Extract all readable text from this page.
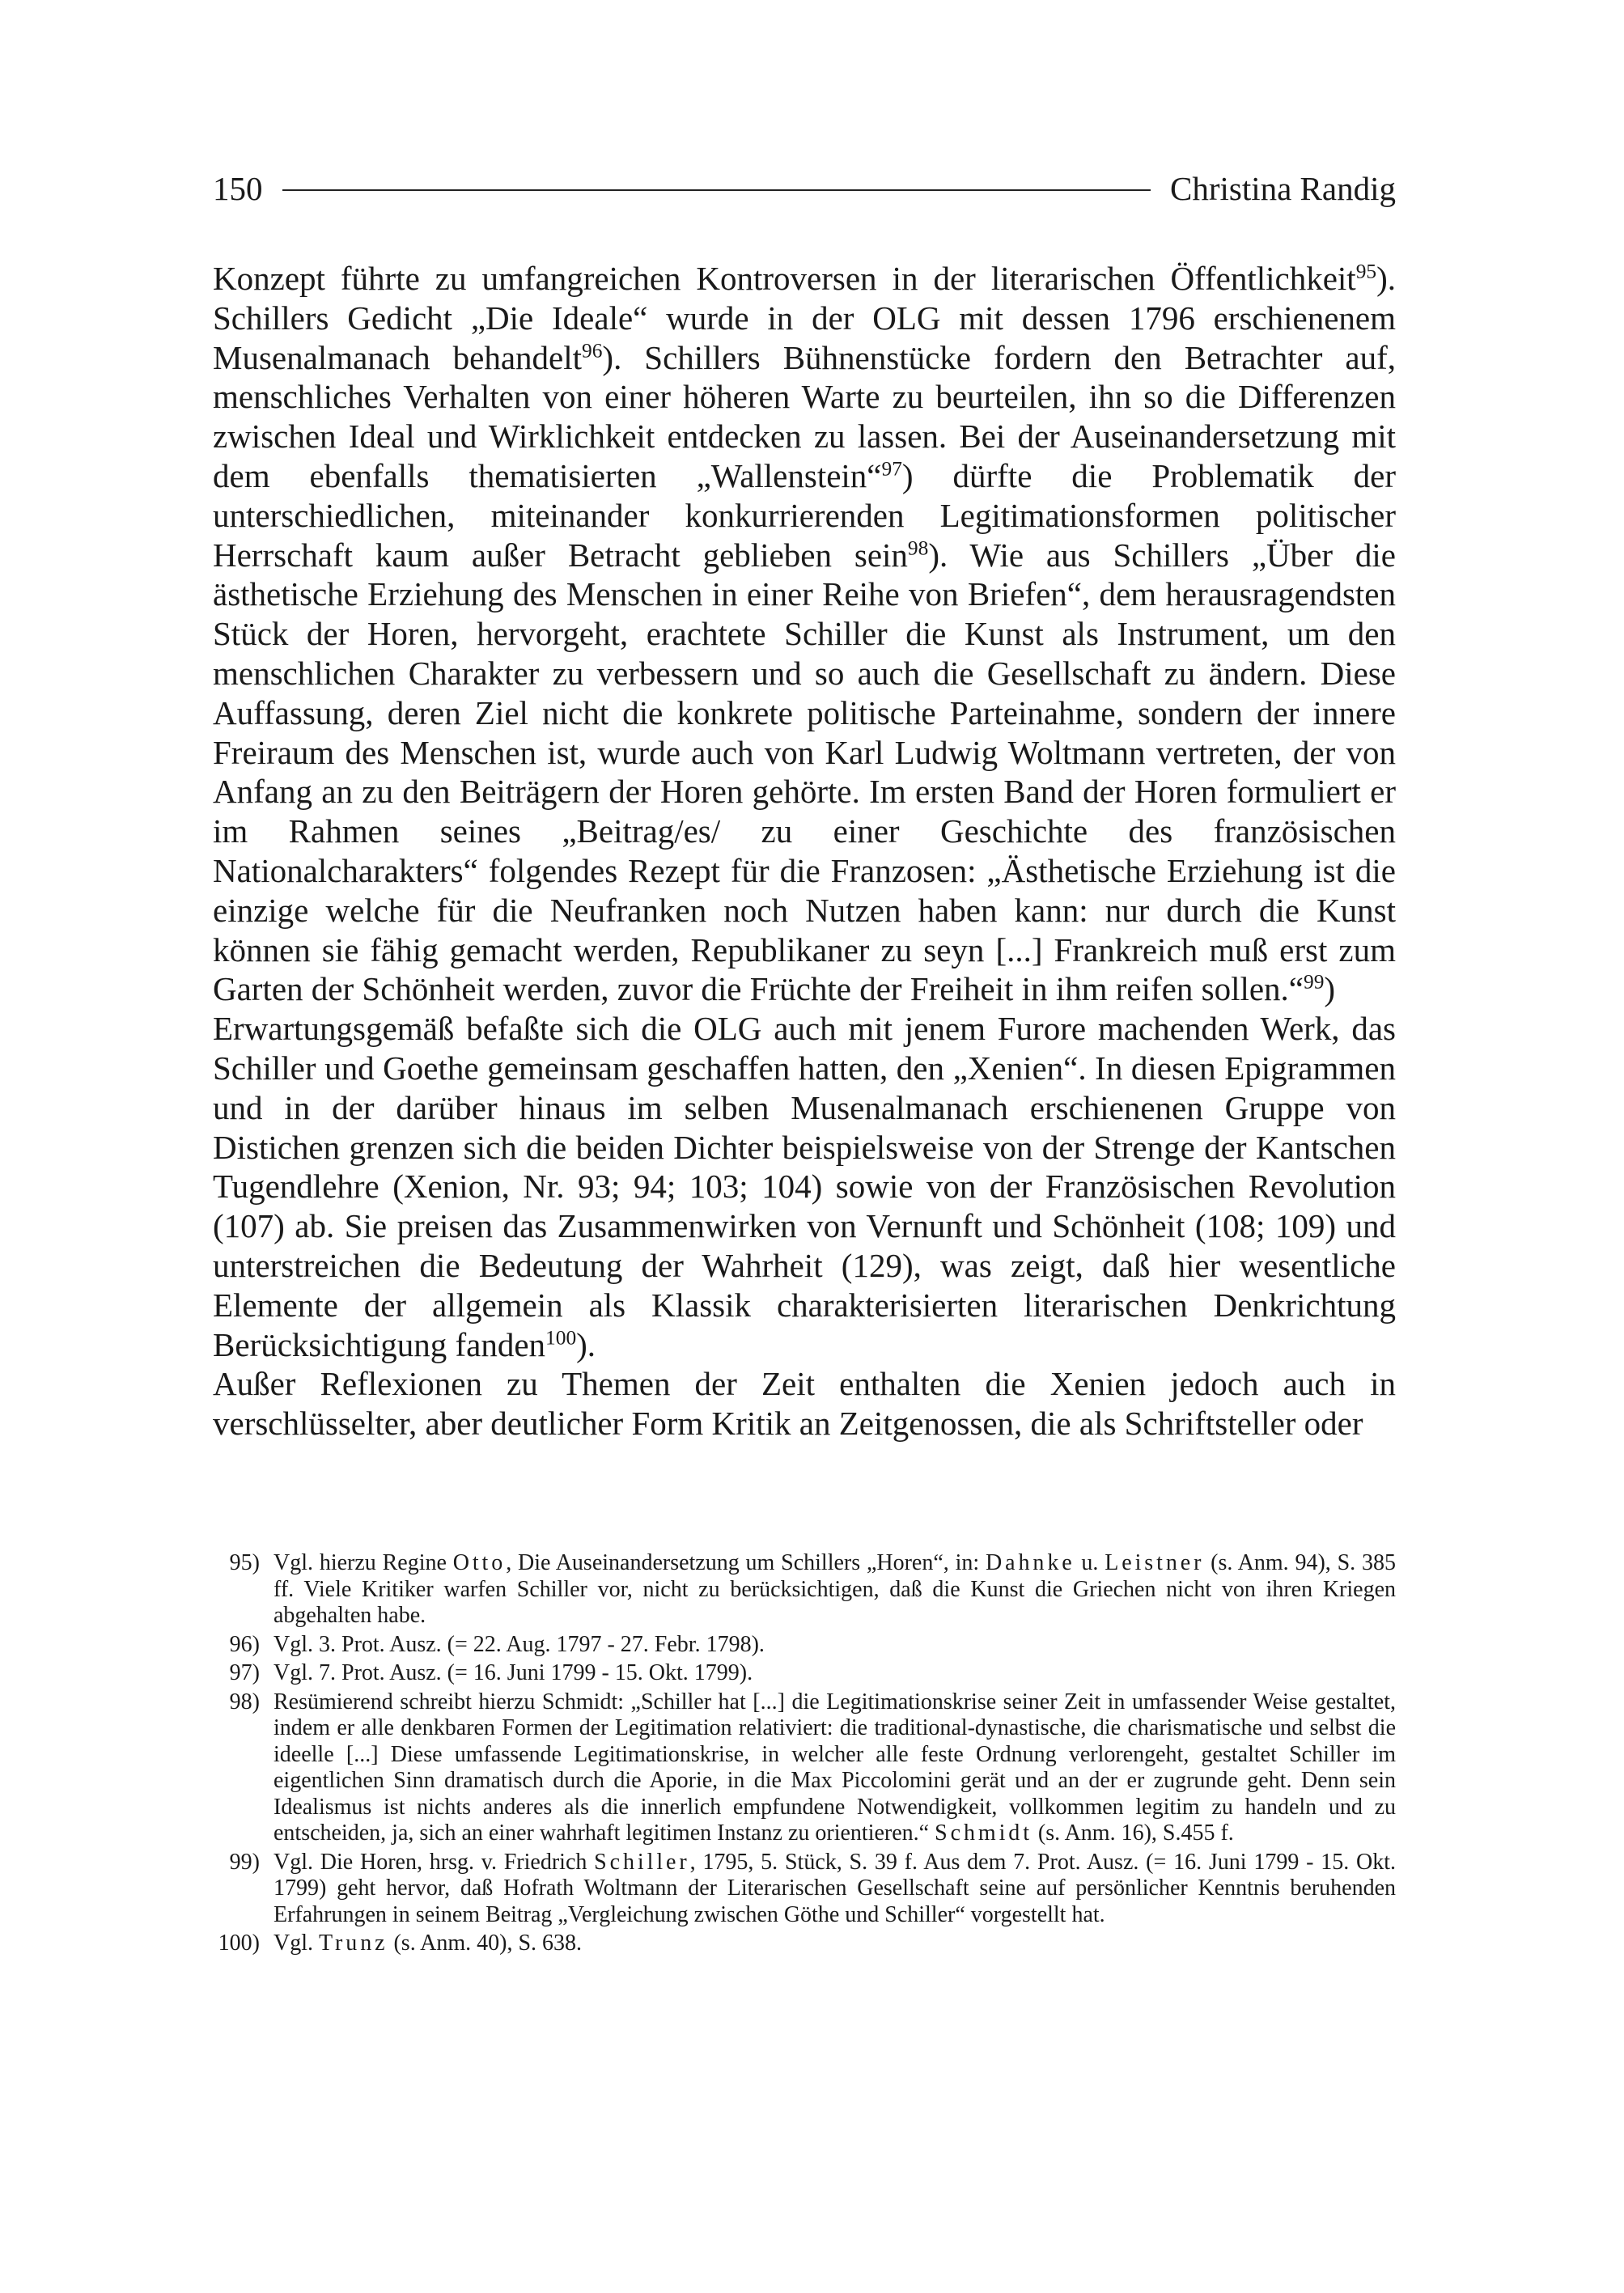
150	Christina Randig

Konzept führte zu umfangreichen Kontroversen in der literarischen Öffentlichkeit$^{95}$). Schillers Gedicht „Die Ideale“ wurde in der OLG mit dessen 1796 erschienenem Musenalmanach behandelt$^{96}$). Schillers Bühnenstücke fordern den Betrachter auf, menschliches Verhalten von einer höheren Warte zu beurteilen, ihn so die Differenzen zwischen Ideal und Wirklichkeit entdecken zu lassen. Bei der Auseinandersetzung mit dem ebenfalls thematisierten „Wallenstein“$^{97}$) dürfte die Problematik der unterschiedlichen, miteinander konkurrierenden Legitimationsformen politischer Herrschaft kaum außer Betracht geblieben sein$^{98}$). Wie aus Schillers „Über die ästhetische Erziehung des Menschen in einer Reihe von Briefen“, dem herausragendsten Stück der Horen, hervorgeht, erachtete Schiller die Kunst als Instrument, um den menschlichen Charakter zu verbessern und so auch die Gesellschaft zu ändern. Diese Auffassung, deren Ziel nicht die konkrete politische Parteinahme, sondern der innere Freiraum des Menschen ist, wurde auch von Karl Ludwig Woltmann vertreten, der von Anfang an zu den Beiträgern der Horen gehörte. Im ersten Band der Horen formuliert er im Rahmen seines „Beitrag/es/ zu einer Geschichte des französischen Nationalcharakters“ folgendes Rezept für die Franzosen: „Ästhetische Erziehung ist die einzige welche für die Neufranken noch Nutzen haben kann: nur durch die Kunst können sie fähig gemacht werden, Republikaner zu seyn [...] Frankreich muß erst zum Garten der Schönheit werden, zuvor die Früchte der Freiheit in ihm reifen sollen.“$^{99}$)

Erwartungsgemäß befaßte sich die OLG auch mit jenem Furore machenden Werk, das Schiller und Goethe gemeinsam geschaffen hatten, den „Xenien“. In diesen Epigrammen und in der darüber hinaus im selben Musenalmanach erschienenen Gruppe von Distichen grenzen sich die beiden Dichter beispielsweise von der Strenge der Kantschen Tugendlehre (Xenion, Nr. 93; 94; 103; 104) sowie von der Französischen Revolution (107) ab. Sie preisen das Zusammenwirken von Vernunft und Schönheit (108; 109) und unterstreichen die Bedeutung der Wahrheit (129), was zeigt, daß hier wesentliche Elemente der allgemein als Klassik charakterisierten literarischen Denkrichtung Berücksichtigung fanden$^{100}$).

Außer Reflexionen zu Themen der Zeit enthalten die Xenien jedoch auch in verschlüsselter, aber deutlicher Form Kritik an Zeitgenossen, die als Schriftsteller oder

95) Vgl. hierzu Regine Otto, Die Auseinandersetzung um Schillers „Horen“, in: Dahnke u. Leistner (s. Anm. 94), S. 385 ff. Viele Kritiker warfen Schiller vor, nicht zu berücksichtigen, daß die Kunst die Griechen nicht von ihren Kriegen abgehalten habe.
96) Vgl. 3. Prot. Ausz. (= 22. Aug. 1797 - 27. Febr. 1798).
97) Vgl. 7. Prot. Ausz. (= 16. Juni 1799 - 15. Okt. 1799).
98) Resümierend schreibt hierzu Schmidt: „Schiller hat [...] die Legitimationskrise seiner Zeit in umfassender Weise gestaltet, indem er alle denkbaren Formen der Legitimation relativiert: die traditional-dynastische, die charismatische und selbst die ideelle [...] Diese umfassende Legitimationskrise, in welcher alle feste Ordnung verlorengeht, gestaltet Schiller im eigentlichen Sinn dramatisch durch die Aporie, in die Max Piccolomini gerät und an der er zugrunde geht. Denn sein Idealismus ist nichts anderes als die innerlich empfundene Notwendigkeit, vollkommen legitim zu handeln und zu entscheiden, ja, sich an einer wahrhaft legitimen Instanz zu orientieren.“ Schmidt (s. Anm. 16), S.455 f.
99) Vgl. Die Horen, hrsg. v. Friedrich Schiller, 1795, 5. Stück, S. 39 f. Aus dem 7. Prot. Ausz. (= 16. Juni 1799 - 15. Okt. 1799) geht hervor, daß Hofrath Woltmann der Literarischen Gesellschaft seine auf persönlicher Kenntnis beruhenden Erfahrungen in seinem Beitrag „Vergleichung zwischen Göthe und Schiller“ vorgestellt hat.
100) Vgl. Trunz (s. Anm. 40), S. 638.
